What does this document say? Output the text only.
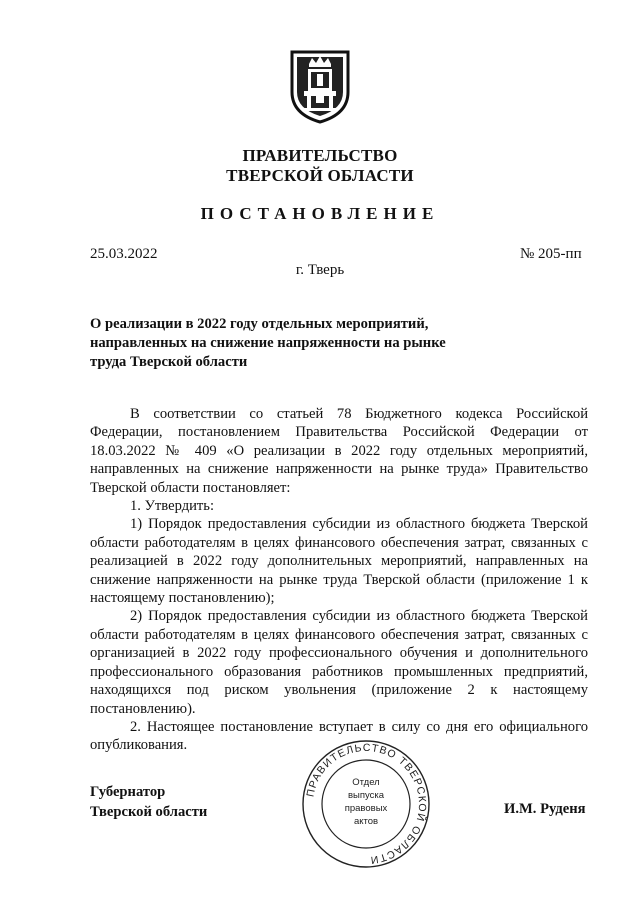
ПРАВИТЕЛЬСТВО
ТВЕРСКОЙ ОБЛАСТИ
ПОСТАНОВЛЕНИЕ
25.03.2022	№ 205-пп
г. Тверь
О реализации в 2022 году отдельных мероприятий,
направленных на снижение напряженности на рынке
труда Тверской области

В соответствии со статьей 78 Бюджетного кодекса Российской Федерации, постановлением Правительства Российской Федерации от 18.03.2022 № 409 «О реализации в 2022 году отдельных мероприятий, направленных на снижение напряженности на рынке труда» Правительство Тверской области постановляет:

1. Утвердить:

1) Порядок предоставления субсидии из областного бюджета Тверской области работодателям в целях финансового обеспечения затрат, связанных с реализацией в 2022 году дополнительных мероприятий, направленных на снижение напряженности на рынке труда Тверской области (приложение 1 к настоящему постановлению);

2) Порядок предоставления субсидии из областного бюджета Тверской области работодателям в целях финансового обеспечения затрат, связанных с организацией в 2022 году профессионального обучения и дополнительного профессионального образования работников промышленных предприятий, находящихся под риском увольнения (приложение 2 к настоящему постановлению).

2. Настоящее постановление вступает в силу со дня его официального опубликования.

Губернатор
Тверской области	И.М. Руденя
ПРАВИТЕЛЬСТВО ТВЕРСКОЙ ОБЛАСТИ
Отдел
выпуска
правовых
актов
